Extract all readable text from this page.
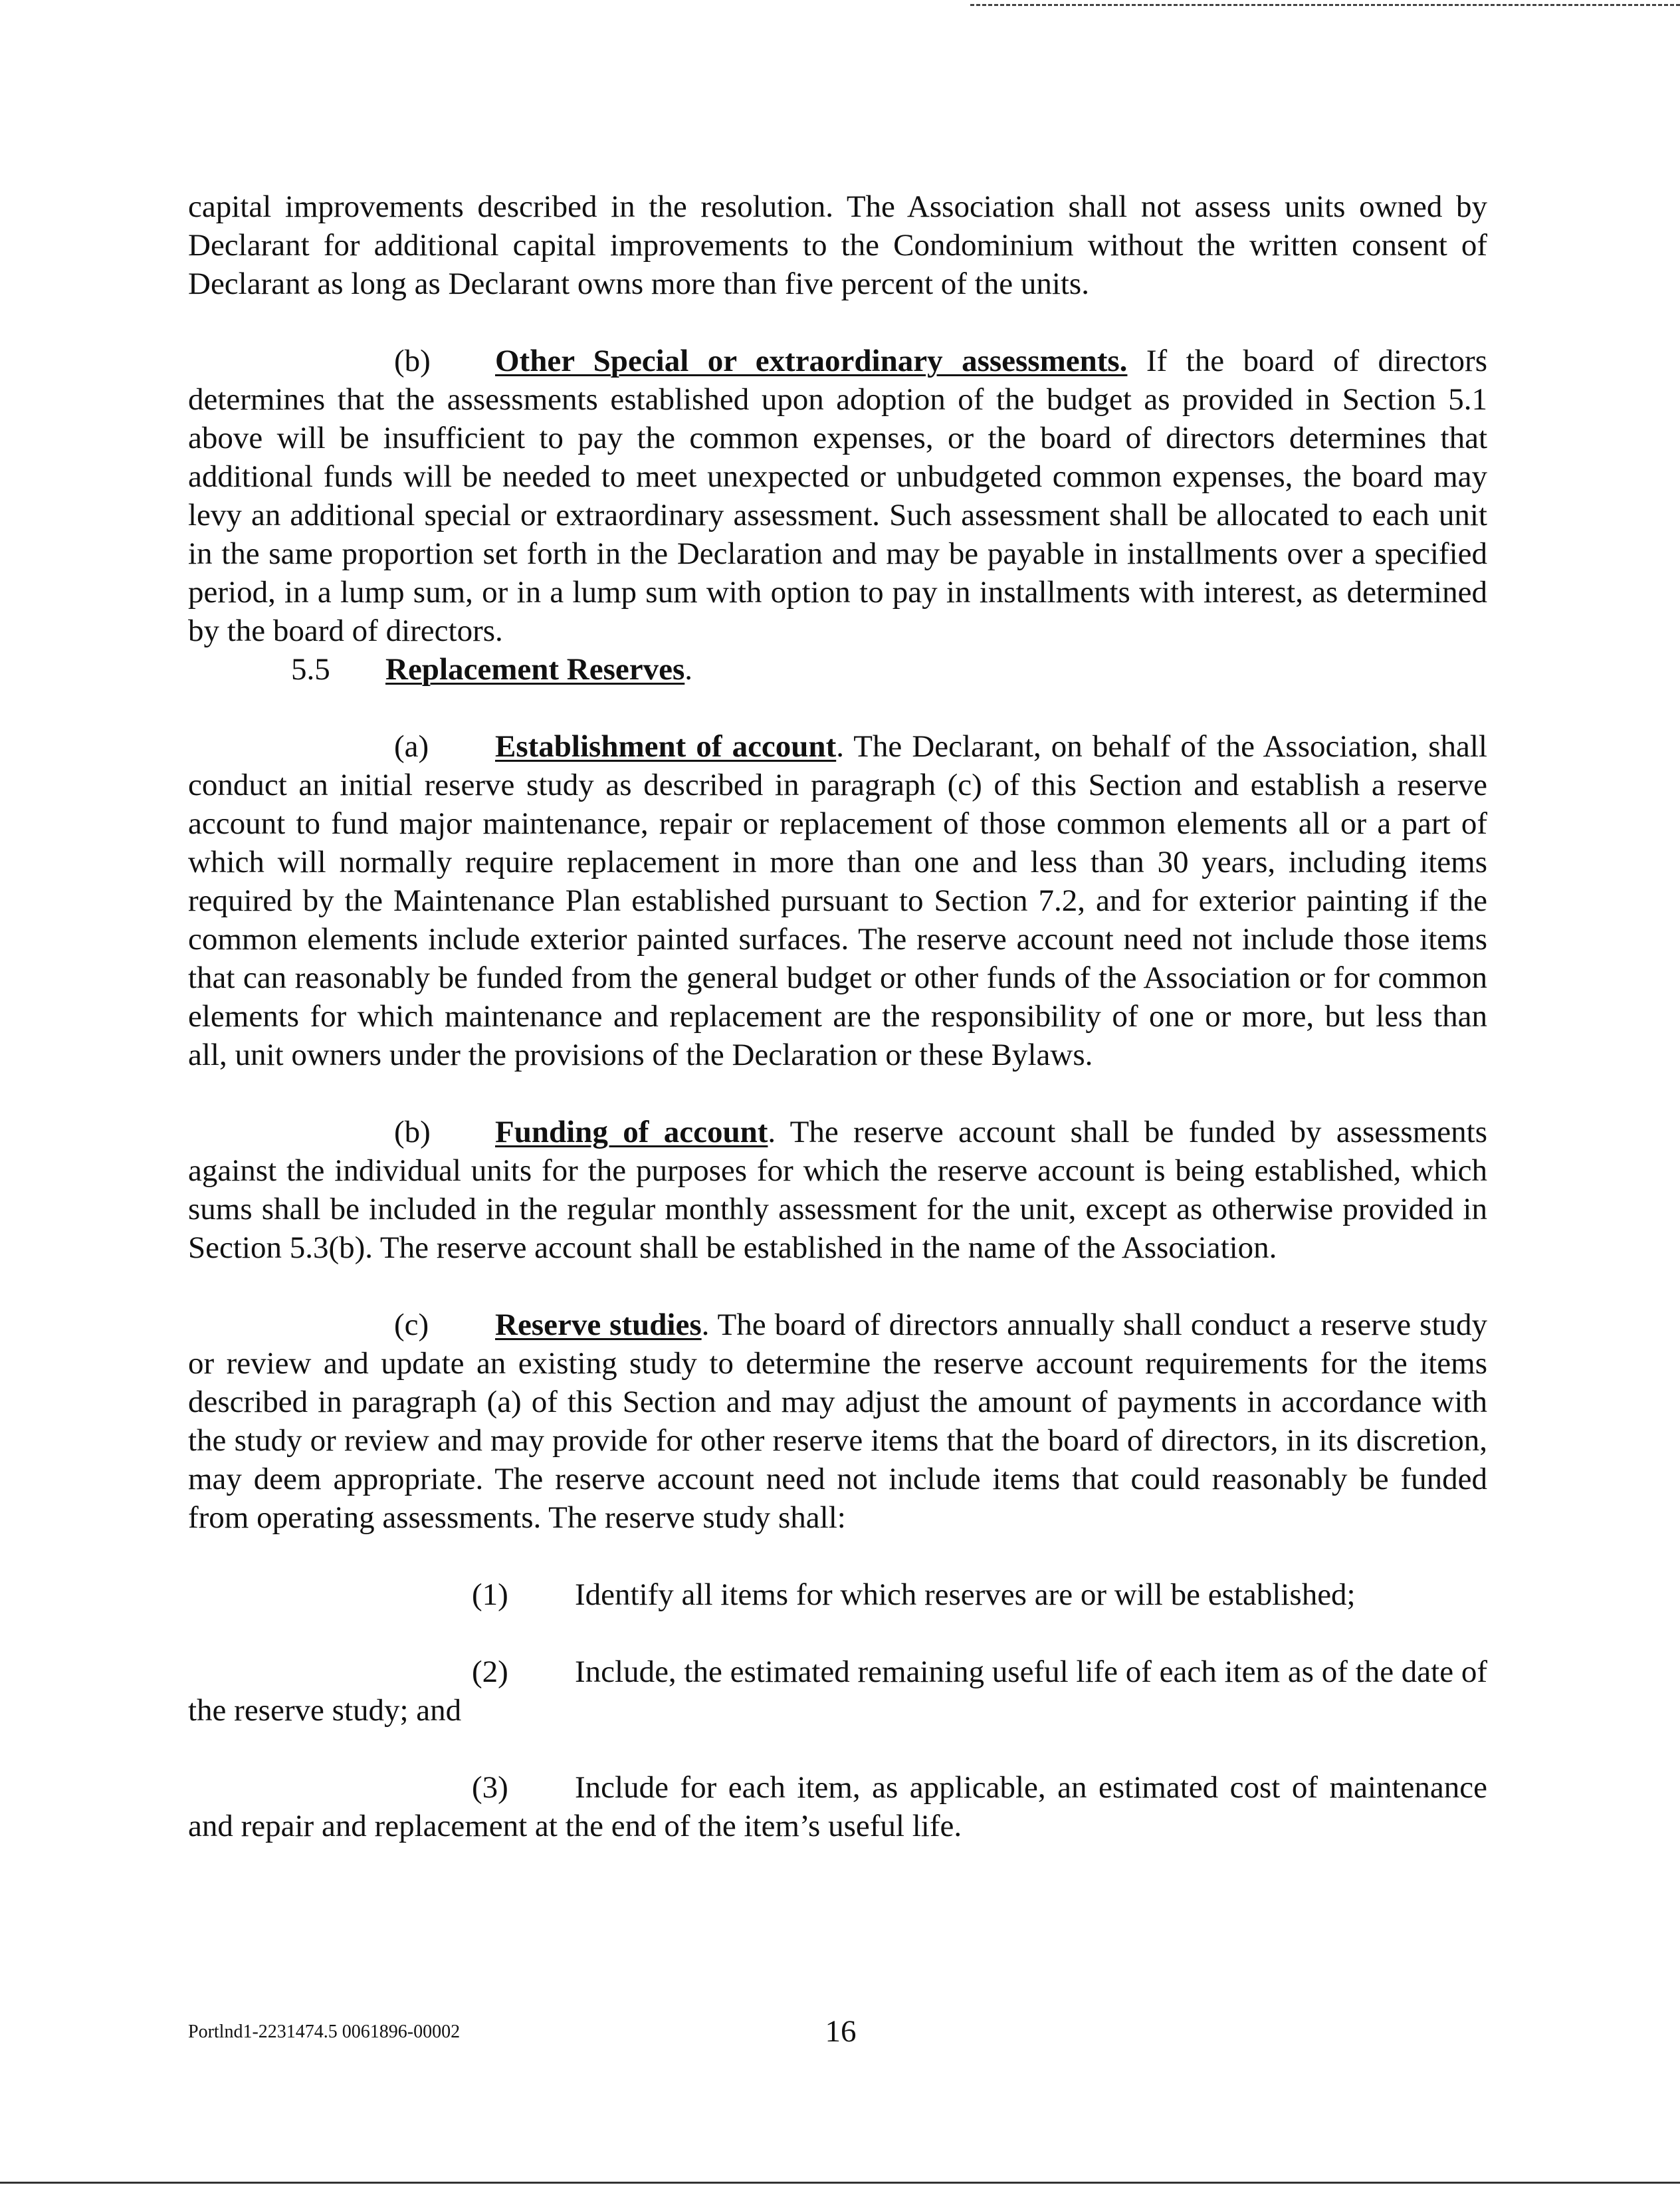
capital improvements described in the resolution. The Association shall not assess units owned by Declarant for additional capital improvements to the Condominium without the written consent of Declarant as long as Declarant owns more than five percent of the units.

(b) Other Special or extraordinary assessments. If the board of directors determines that the assessments established upon adoption of the budget as provided in Section 5.1 above will be insufficient to pay the common expenses, or the board of directors determines that additional funds will be needed to meet unexpected or unbudgeted common expenses, the board may levy an additional special or extraordinary assessment. Such assessment shall be allocated to each unit in the same proportion set forth in the Declaration and may be payable in installments over a specified period, in a lump sum, or in a lump sum with option to pay in installments with interest, as determined by the board of directors.

5.5 Replacement Reserves.

(a) Establishment of account. The Declarant, on behalf of the Association, shall conduct an initial reserve study as described in paragraph (c) of this Section and establish a reserve account to fund major maintenance, repair or replacement of those common elements all or a part of which will normally require replacement in more than one and less than 30 years, including items required by the Maintenance Plan established pursuant to Section 7.2, and for exterior painting if the common elements include exterior painted surfaces. The reserve account need not include those items that can reasonably be funded from the general budget or other funds of the Association or for common elements for which maintenance and replacement are the responsibility of one or more, but less than all, unit owners under the provisions of the Declaration or these Bylaws.

(b) Funding of account. The reserve account shall be funded by assessments against the individual units for the purposes for which the reserve account is being established, which sums shall be included in the regular monthly assessment for the unit, except as otherwise provided in Section 5.3(b). The reserve account shall be established in the name of the Association.

(c) Reserve studies. The board of directors annually shall conduct a reserve study or review and update an existing study to determine the reserve account requirements for the items described in paragraph (a) of this Section and may adjust the amount of payments in accordance with the study or review and may provide for other reserve items that the board of directors, in its discretion, may deem appropriate. The reserve account need not include items that could reasonably be funded from operating assessments. The reserve study shall:

(1) Identify all items for which reserves are or will be established;

(2) Include, the estimated remaining useful life of each item as of the date of the reserve study; and

(3) Include for each item, as applicable, an estimated cost of maintenance and repair and replacement at the end of the item’s useful life.

Portlnd1-2231474.5 0061896-00002	16
